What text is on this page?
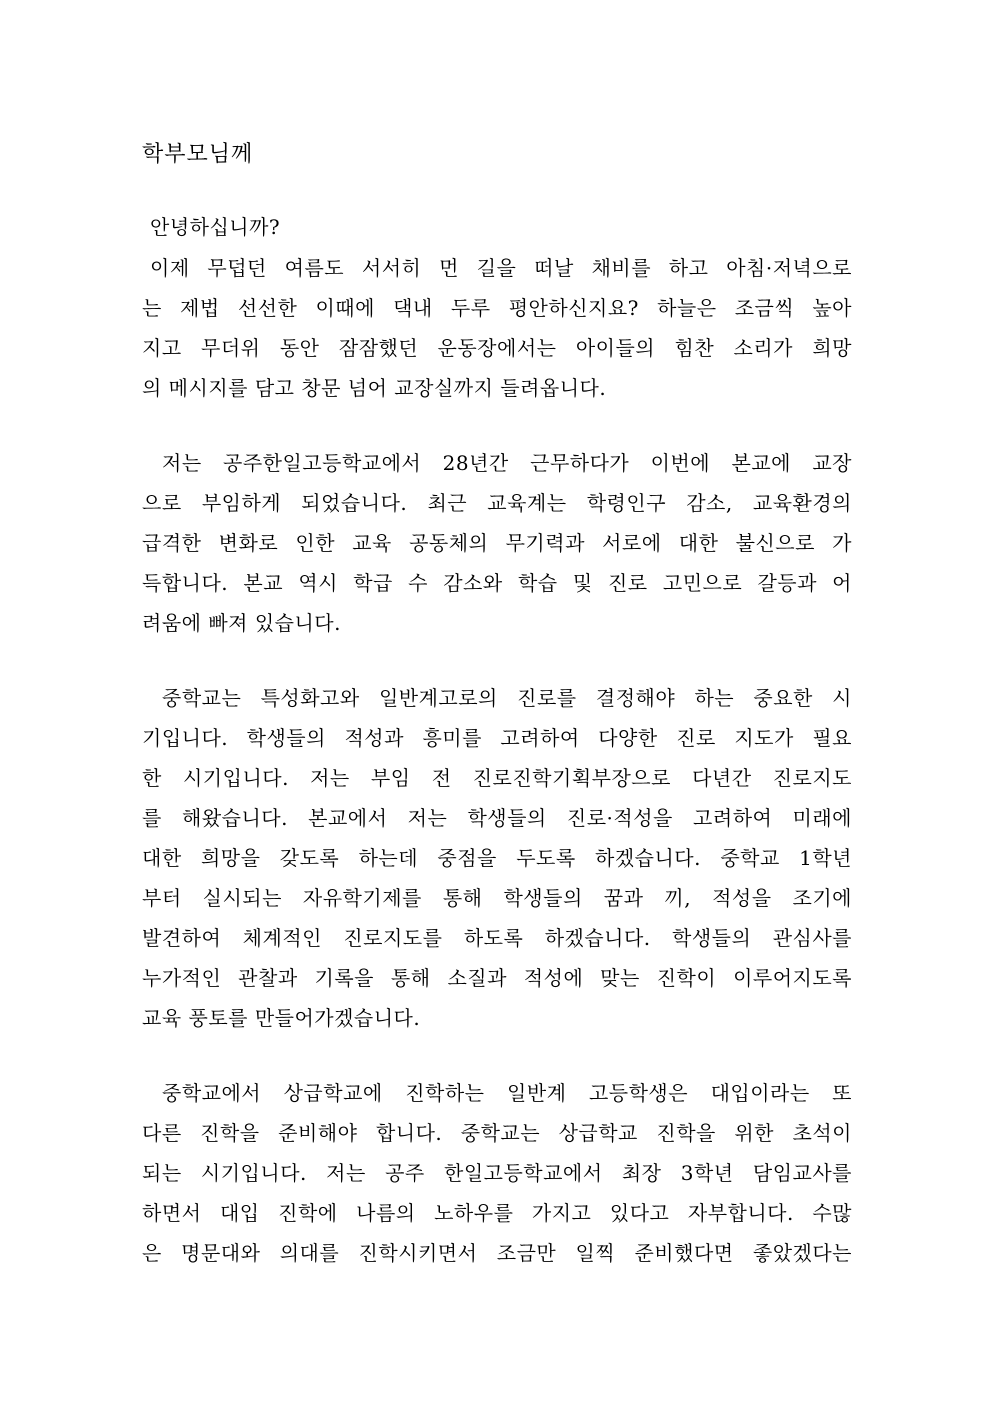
학부모님께
안녕하십니까?
이제 무덥던 여름도 서서히 먼 길을 떠날 채비를 하고 아침·저녁으로
는 제법 선선한 이때에 댁내 두루 평안하신지요? 하늘은 조금씩 높아
지고 무더위 동안 잠잠했던 운동장에서는 아이들의 힘찬 소리가 희망
의 메시지를 담고 창문 넘어 교장실까지 들려옵니다.
저는 공주한일고등학교에서 28년간 근무하다가 이번에 본교에 교장
으로 부임하게 되었습니다. 최근 교육계는 학령인구 감소, 교육환경의
급격한 변화로 인한 교육 공동체의 무기력과 서로에 대한 불신으로 가
득합니다. 본교 역시 학급 수 감소와 학습 및 진로 고민으로 갈등과 어
려움에 빠져 있습니다.
중학교는 특성화고와 일반계고로의 진로를 결정해야 하는 중요한 시
기입니다. 학생들의 적성과 흥미를 고려하여 다양한 진로 지도가 필요
한 시기입니다. 저는 부임 전 진로진학기획부장으로 다년간 진로지도
를 해왔습니다. 본교에서 저는 학생들의 진로·적성을 고려하여 미래에
대한 희망을 갖도록 하는데 중점을 두도록 하겠습니다. 중학교 1학년
부터 실시되는 자유학기제를 통해 학생들의 꿈과 끼, 적성을 조기에
발견하여 체계적인 진로지도를 하도록 하겠습니다. 학생들의 관심사를
누가적인 관찰과 기록을 통해 소질과 적성에 맞는 진학이 이루어지도록
교육 풍토를 만들어가겠습니다.
중학교에서 상급학교에 진학하는 일반계 고등학생은 대입이라는 또
다른 진학을 준비해야 합니다. 중학교는 상급학교 진학을 위한 초석이
되는 시기입니다. 저는 공주 한일고등학교에서 최장 3학년 담임교사를
하면서 대입 진학에 나름의 노하우를 가지고 있다고 자부합니다. 수많
은 명문대와 의대를 진학시키면서 조금만 일찍 준비했다면 좋았겠다는
